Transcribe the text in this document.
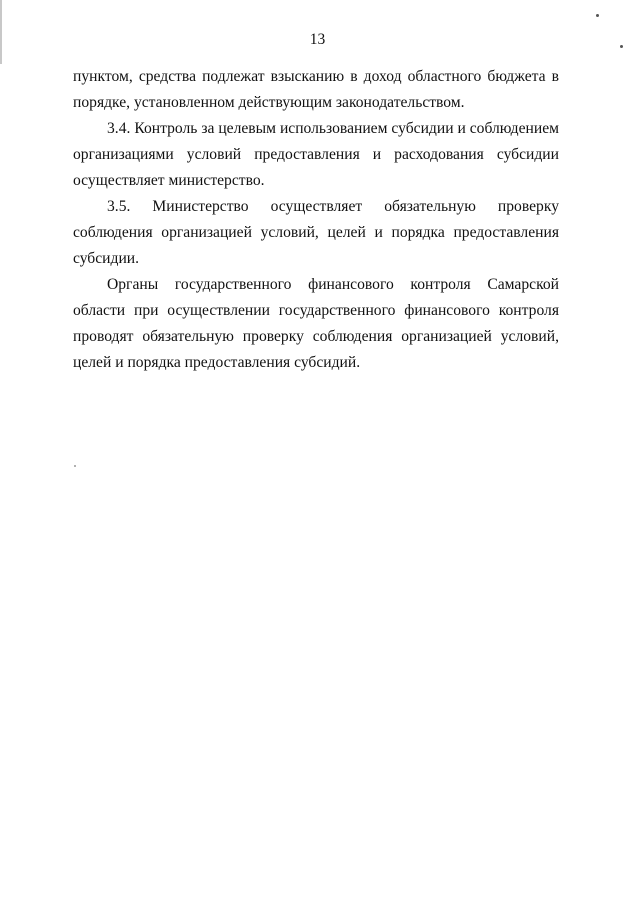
13

пунктом, средства подлежат взысканию в доход областного бюджета в порядке, установленном действующим законодательством.

3.4. Контроль за целевым использованием субсидии и соблюдением организациями условий предоставления и расходования субсидии осуществляет министерство.

3.5. Министерство осуществляет обязательную проверку соблюдения организацией условий, целей и порядка предоставления субсидии.

Органы государственного финансового контроля Самарской области при осуществлении государственного финансового контроля проводят обязательную проверку соблюдения организацией условий, целей и порядка предоставления субсидий.
